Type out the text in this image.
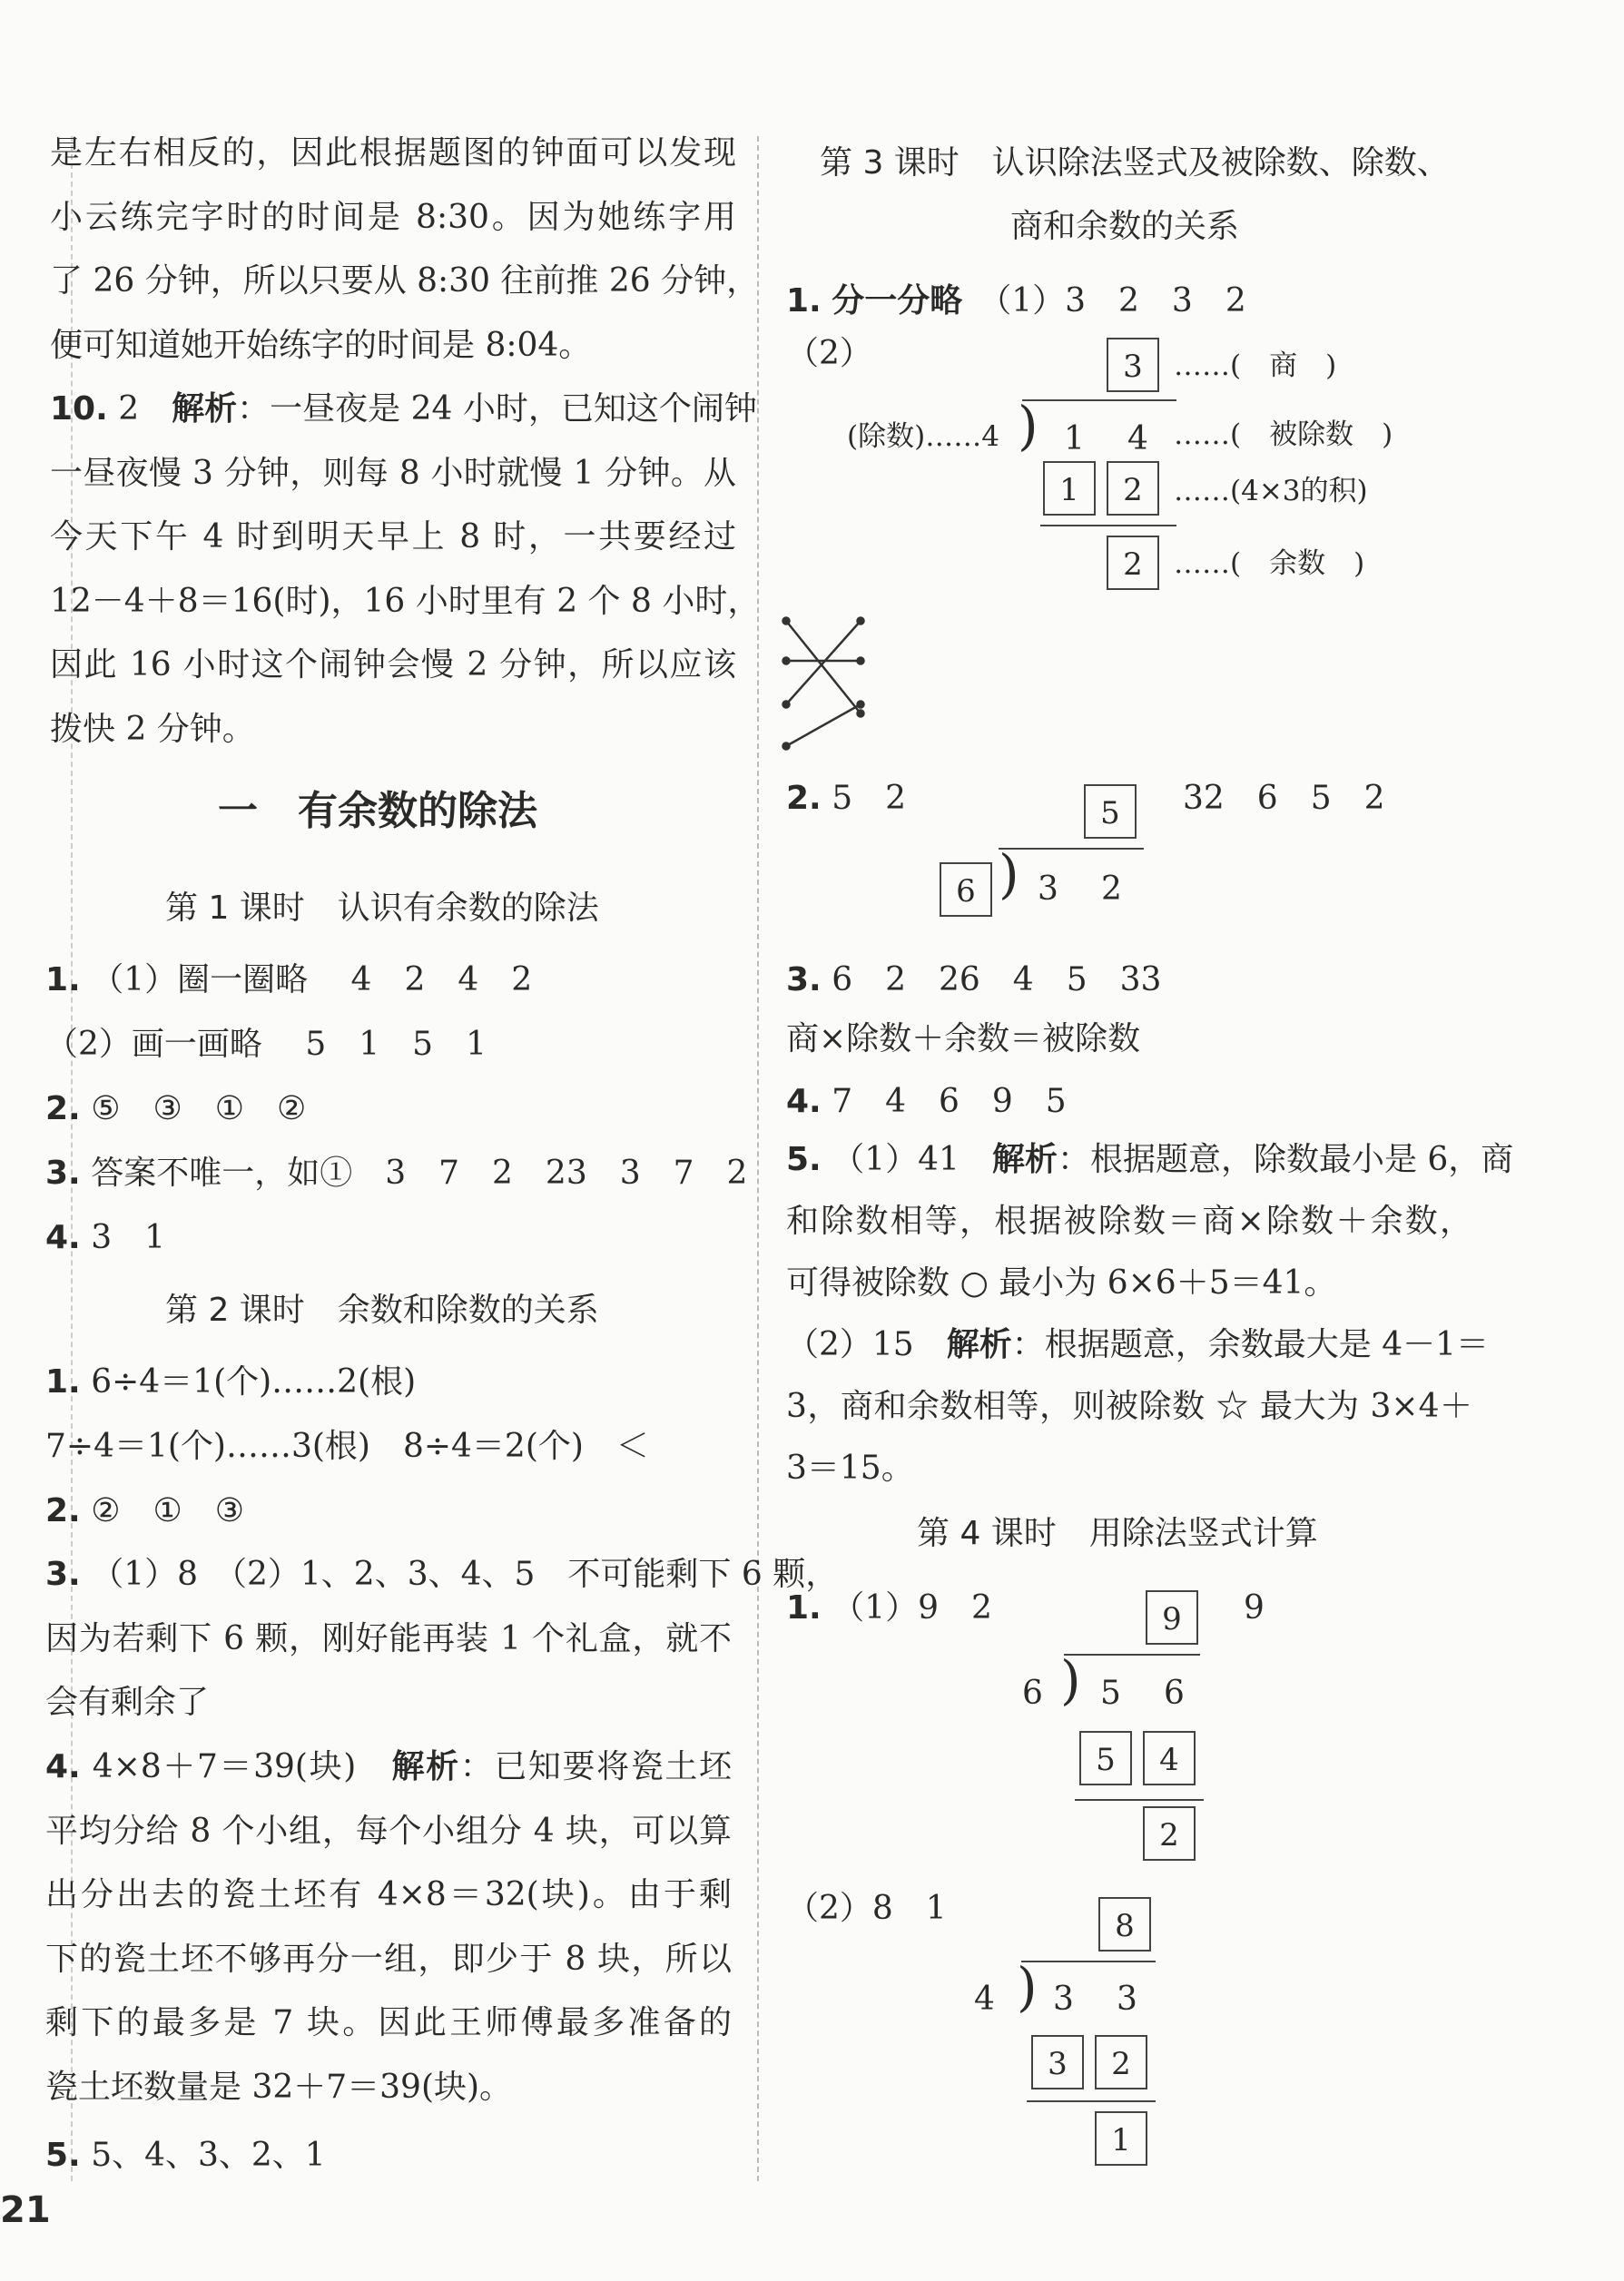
是左右相反的，因此根据题图的钟面可以发现
小云练完字时的时间是 8:30。因为她练字用
了 26 分钟，所以只要从 8:30 往前推 26 分钟，
便可知道她开始练字的时间是 8:04。
10. 2　 解析：一昼夜是 24 小时，已知这个闹钟
一昼夜慢 3 分钟，则每 8 小时就慢 1 分钟。从
今天下午 4 时到明天早上 8 时，一共要经过
12－4＋8＝16(时)，16 小时里有 2 个 8 小时，
因此 16 小时这个闹钟会慢 2 分钟，所以应该
拨快 2 分钟。
一　有余数的除法
第 1 课时　认识有余数的除法
1. （1）圈一圈略　 4　2　4　2
（2）画一画略　 5　1　5　1
2. ⑤　③　①　②
3. 答案不唯一，如①　 3　7　2　23　3　7　2
4. 3　1
第 2 课时　余数和除数的关系
1. 6÷4＝1(个)……2(根)
7÷4＝1(个)……3(根)　8÷4＝2(个)　＜
2. ②　①　③
3. （1）8　（2）1、2、3、4、5　不可能剩下 6 颗，
因为若剩下 6 颗，刚好能再装 1 个礼盒，就不
会有剩余了
4. 4×8＋7＝39(块)　 解析：已知要将瓷土坯
平均分给 8 个小组，每个小组分 4 块，可以算
出分出去的瓷土坯有 4×8＝32(块)。由于剩
下的瓷土坯不够再分一组，即少于 8 块，所以
剩下的最多是 7 块。因此王师傅最多准备的
瓷土坯数量是 32＋7＝39(块)。
5. 5、4、3、2、1
21
第 3 课时　认识除法竖式及被除数、除数、
商和余数的关系
1. 分一分略　 （1）3　2　3　2
（2）	3	……(　商　)
(除数)……4 ) 1 4 ……(　被除数　)
1	2	……(4×3的积)
2	……(　余数　)
2. 5　2	5	32　6　5　2
6 ) 3 2
3. 6　2　26　4　5　33
商×除数＋余数＝被除数
4. 7　4　6　9　5
5. （1）41　 解析：根据题意，除数最小是 6，商
和除数相等，根据被除数＝商×除数＋余数，
可得被除数 ○ 最小为 6×6＋5＝41。
（2）15　 解析：根据题意，余数最大是 4－1＝
3，商和余数相等，则被除数 ☆ 最大为 3×4＋
3＝15。
第 4 课时　用除法竖式计算
1. （1）9　2	9	9
6 ) 5 6
5	4
2
（2）8　1	8
4 ) 3 3
3	2
1
